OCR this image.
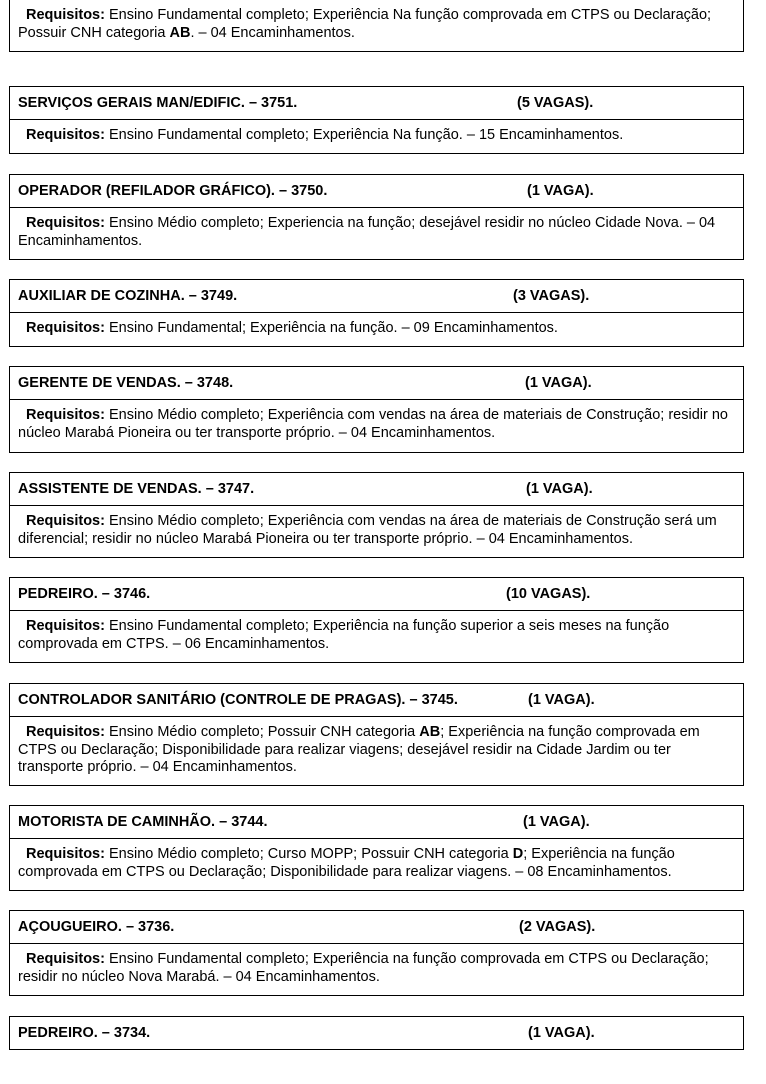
Requisitos: Ensino Fundamental completo; Experiência Na função comprovada em CTPS ou Declaração; Possuir CNH categoria AB. – 04 Encaminhamentos.
SERVIÇOS GERAIS MAN/EDIFIC. – 3751.	(5 VAGAS).
Requisitos: Ensino Fundamental completo; Experiência Na função. – 15 Encaminhamentos.
OPERADOR (REFILADOR GRÁFICO). – 3750.	(1 VAGA).
Requisitos: Ensino Médio completo; Experiencia na função; desejável residir no núcleo Cidade Nova. – 04 Encaminhamentos.
AUXILIAR DE COZINHA. – 3749.	(3 VAGAS).
Requisitos: Ensino Fundamental; Experiência na função. – 09 Encaminhamentos.
GERENTE DE VENDAS. – 3748.	(1 VAGA).
Requisitos: Ensino Médio completo; Experiência com vendas na área de materiais de Construção; residir no núcleo Marabá Pioneira ou ter transporte próprio. – 04 Encaminhamentos.
ASSISTENTE DE VENDAS. – 3747.	(1 VAGA).
Requisitos: Ensino Médio completo; Experiência com vendas na área de materiais de Construção será um diferencial; residir no núcleo Marabá Pioneira ou ter transporte próprio. – 04 Encaminhamentos.
PEDREIRO. – 3746.	(10 VAGAS).
Requisitos: Ensino Fundamental completo; Experiência na função superior a seis meses na função comprovada em CTPS. – 06 Encaminhamentos.
CONTROLADOR SANITÁRIO (CONTROLE DE PRAGAS). – 3745.	(1 VAGA).
Requisitos: Ensino Médio completo; Possuir CNH categoria AB; Experiência na função comprovada em CTPS ou Declaração; Disponibilidade para realizar viagens; desejável residir na Cidade Jardim ou ter transporte próprio. – 04 Encaminhamentos.
MOTORISTA DE CAMINHÃO. – 3744.	(1 VAGA).
Requisitos: Ensino Médio completo; Curso MOPP; Possuir CNH categoria D; Experiência na função comprovada em CTPS ou Declaração; Disponibilidade para realizar viagens. – 08 Encaminhamentos.
AÇOUGUEIRO. – 3736.	(2 VAGAS).
Requisitos: Ensino Fundamental completo; Experiência na função comprovada em CTPS ou Declaração; residir no núcleo Nova Marabá. – 04 Encaminhamentos.
PEDREIRO. – 3734.	(1 VAGA).
